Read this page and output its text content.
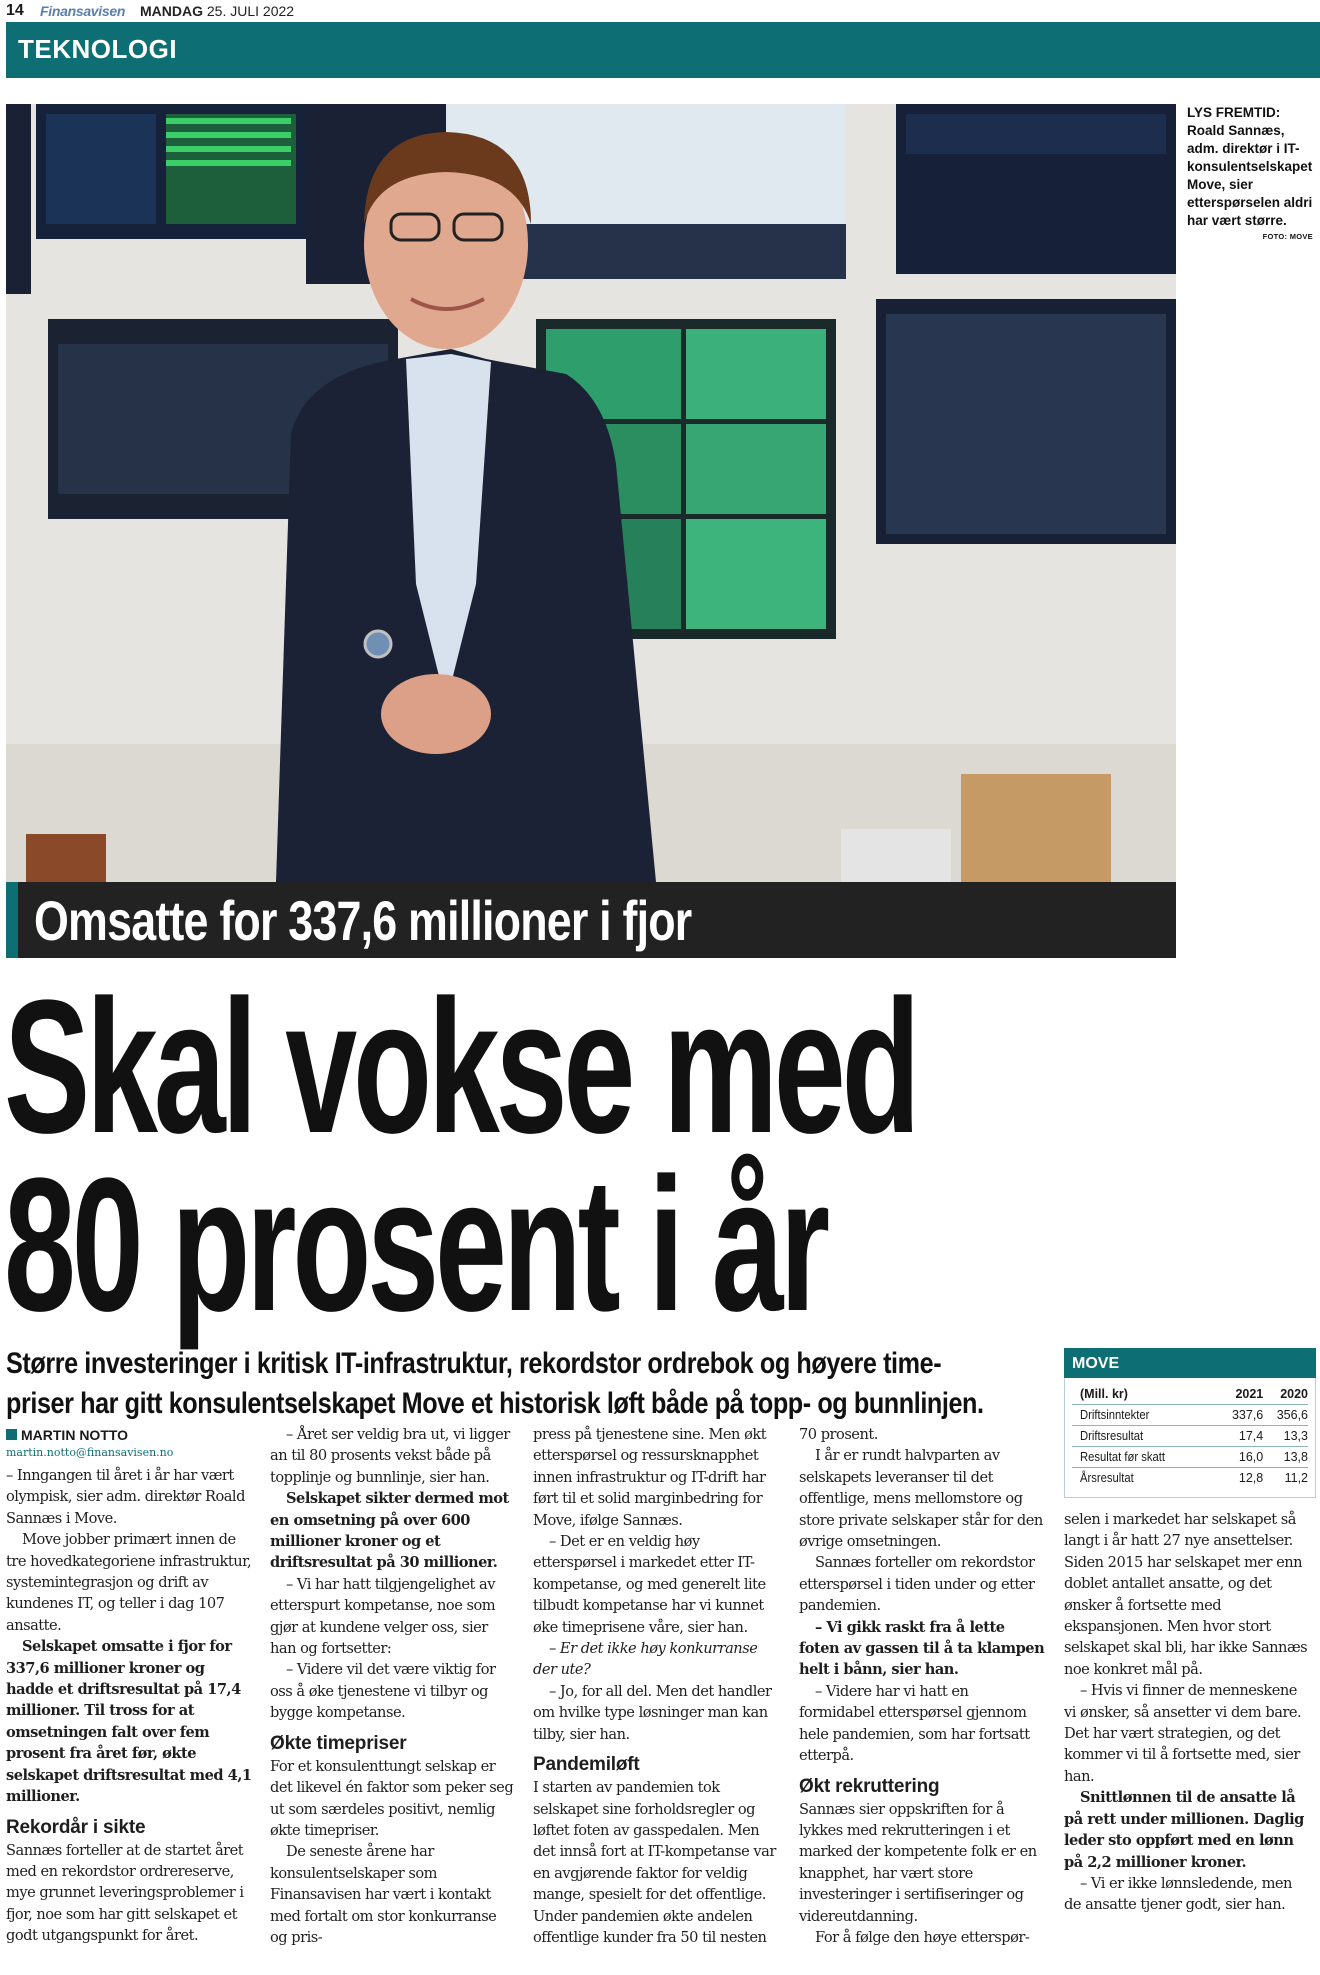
14 Finansavisen MANDAG 25. JULI 2022
TEKNOLOGI
LYS FREMTID:
Roald Sannæs, adm. direktør i IT-konsulentselskapet Move, sier etterspørselen aldri har vært større.
FOTO: MOVE
Omsatte for 337,6 millioner i fjor
Skal vokse med
80 prosent i år
Større investeringer i kritisk IT-infrastruktur, rekordstor ordrebok og høyere time-
priser har gitt konsulentselskapet Move et historisk løft både på topp- og bunnlinjen.
MARTIN NOTTO
martin.notto@finansavisen.no

– Inngangen til året i år har vært olympisk, sier adm. direktør Roald Sannæs i Move.

Move jobber primært innen de tre hovedkategoriene infrastruktur, systemintegrasjon og drift av kundenes IT, og teller i dag 107 ansatte.

Selskapet omsatte i fjor for 337,6 millioner kroner og hadde et driftsresultat på 17,4 millioner. Til tross for at omsetningen falt over fem prosent fra året før, økte selskapet driftsresultat med 4,1 millioner.

Rekordår i sikte

Sannæs forteller at de startet året med en rekordstor ordrereserve, mye grunnet leveringsproblemer i fjor, noe som har gitt selskapet et godt utgangspunkt for året.

– Året ser veldig bra ut, vi ligger an til 80 prosents vekst både på topplinje og bunnlinje, sier han.

Selskapet sikter dermed mot en omsetning på over 600 millioner kroner og et driftsresultat på 30 millioner.

– Vi har hatt tilgjengelighet av etterspurt kompetanse, noe som gjør at kundene velger oss, sier han og fortsetter:

– Videre vil det være viktig for oss å øke tjenestene vi tilbyr og bygge kompetanse.

Økte timepriser

For et konsulenttungt selskap er det likevel én faktor som peker seg ut som særdeles positivt, nemlig økte timepriser.

De seneste årene har konsulentselskaper som Finansavisen har vært i kontakt med fortalt om stor konkurranse og pris-

press på tjenestene sine. Men økt etterspørsel og ressursknapphet innen infrastruktur og IT-drift har ført til et solid marginbedring for Move, ifølge Sannæs.

– Det er en veldig høy etterspørsel i markedet etter IT-kompetanse, og med generelt lite tilbudt kompetanse har vi kunnet øke timeprisene våre, sier han.

– Er det ikke høy konkurranse der ute?

– Jo, for all del. Men det handler om hvilke type løsninger man kan tilby, sier han.

Pandemiløft

I starten av pandemien tok selskapet sine forholdsregler og løftet foten av gasspedalen. Men det innså fort at IT-kompetanse var en avgjørende faktor for veldig mange, spesielt for det offentlige. Under pandemien økte andelen offentlige kunder fra 50 til nesten

70 prosent.

I år er rundt halvparten av selskapets leveranser til det offentlige, mens mellomstore og store private selskaper står for den øvrige omsetningen.

Sannæs forteller om rekordstor etterspørsel i tiden under og etter pandemien.

– Vi gikk raskt fra å lette foten av gassen til å ta klampen helt i bånn, sier han.

– Videre har vi hatt en formidabel etterspørsel gjennom hele pandemien, som har fortsatt etterpå.

Økt rekruttering

Sannæs sier oppskriften for å lykkes med rekrutteringen i et marked der kompetente folk er en knapphet, har vært store investeringer i sertifiseringer og videreutdanning.

For å følge den høye etterspør-

MOVE
(Mill. kr)	2021	2020
Driftsinntekter	337,6	356,6
Driftsresultat	17,4	13,3
Resultat før skatt	16,0	13,8
Årsresultat	12,8	11,2

selen i markedet har selskapet så langt i år hatt 27 nye ansettelser. Siden 2015 har selskapet mer enn doblet antallet ansatte, og det ønsker å fortsette med ekspansjonen. Men hvor stort selskapet skal bli, har ikke Sannæs noe konkret mål på.

– Hvis vi finner de menneskene vi ønsker, så ansetter vi dem bare. Det har vært strategien, og det kommer vi til å fortsette med, sier han.

Snittlønnen til de ansatte lå på rett under millionen. Daglig leder sto oppført med en lønn på 2,2 millioner kroner.

– Vi er ikke lønnsledende, men de ansatte tjener godt, sier han.
